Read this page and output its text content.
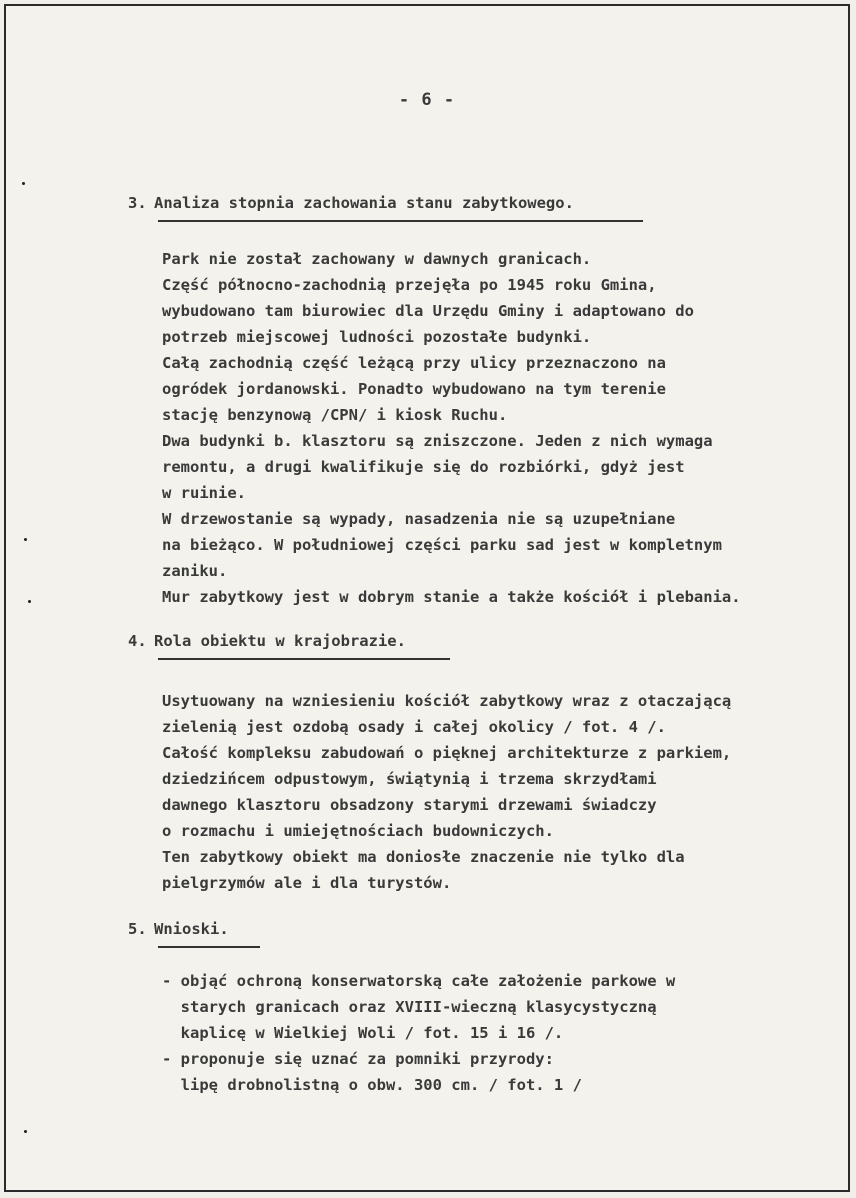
- 6 -
3. Analiza stopnia zachowania stanu zabytkowego.
Park nie został zachowany w dawnych granicach.
Część północno-zachodnią przejęła po 1945 roku Gmina,
wybudowano tam biurowiec dla Urzędu Gminy i adaptowano do
potrzeb miejscowej ludności pozostałe budynki.
Całą zachodnią część leżącą przy ulicy przeznaczono na
ogródek jordanowski. Ponadto wybudowano na tym terenie
stację benzynową /CPN/ i kiosk Ruchu.
Dwa budynki b. klasztoru są zniszczone. Jeden z nich wymaga
remontu, a drugi kwalifikuje się do rozbiórki, gdyż jest
w ruinie.
W drzewostanie są wypady, nasadzenia nie są uzupełniane
na bieżąco. W południowej części parku sad jest w kompletnym
zaniku.
Mur zabytkowy jest w dobrym stanie a także kościół i plebania.
4. Rola obiektu w krajobrazie.
Usytuowany na wzniesieniu kościół zabytkowy wraz z otaczającą
zielenią jest ozdobą osady i całej okolicy / fot. 4 /.
Całość kompleksu zabudowań o pięknej architekturze z parkiem,
dziedzińcem odpustowym, świątynią i trzema skrzydłami
dawnego klasztoru obsadzony starymi drzewami świadczy
o rozmachu i umiejętnościach budowniczych.
Ten zabytkowy obiekt ma doniosłe znaczenie nie tylko dla
pielgrzymów ale i dla turystów.
5. Wnioski.

- objąć ochroną konserwatorską całe założenie parkowe w

starych granicach oraz XVIII-wieczną klasycystyczną

kaplicę w Wielkiej Woli / fot. 15 i 16 /.

- proponuje się uznać za pomniki przyrody:

lipę drobnolistną o obw. 300 cm. / fot. 1 /
